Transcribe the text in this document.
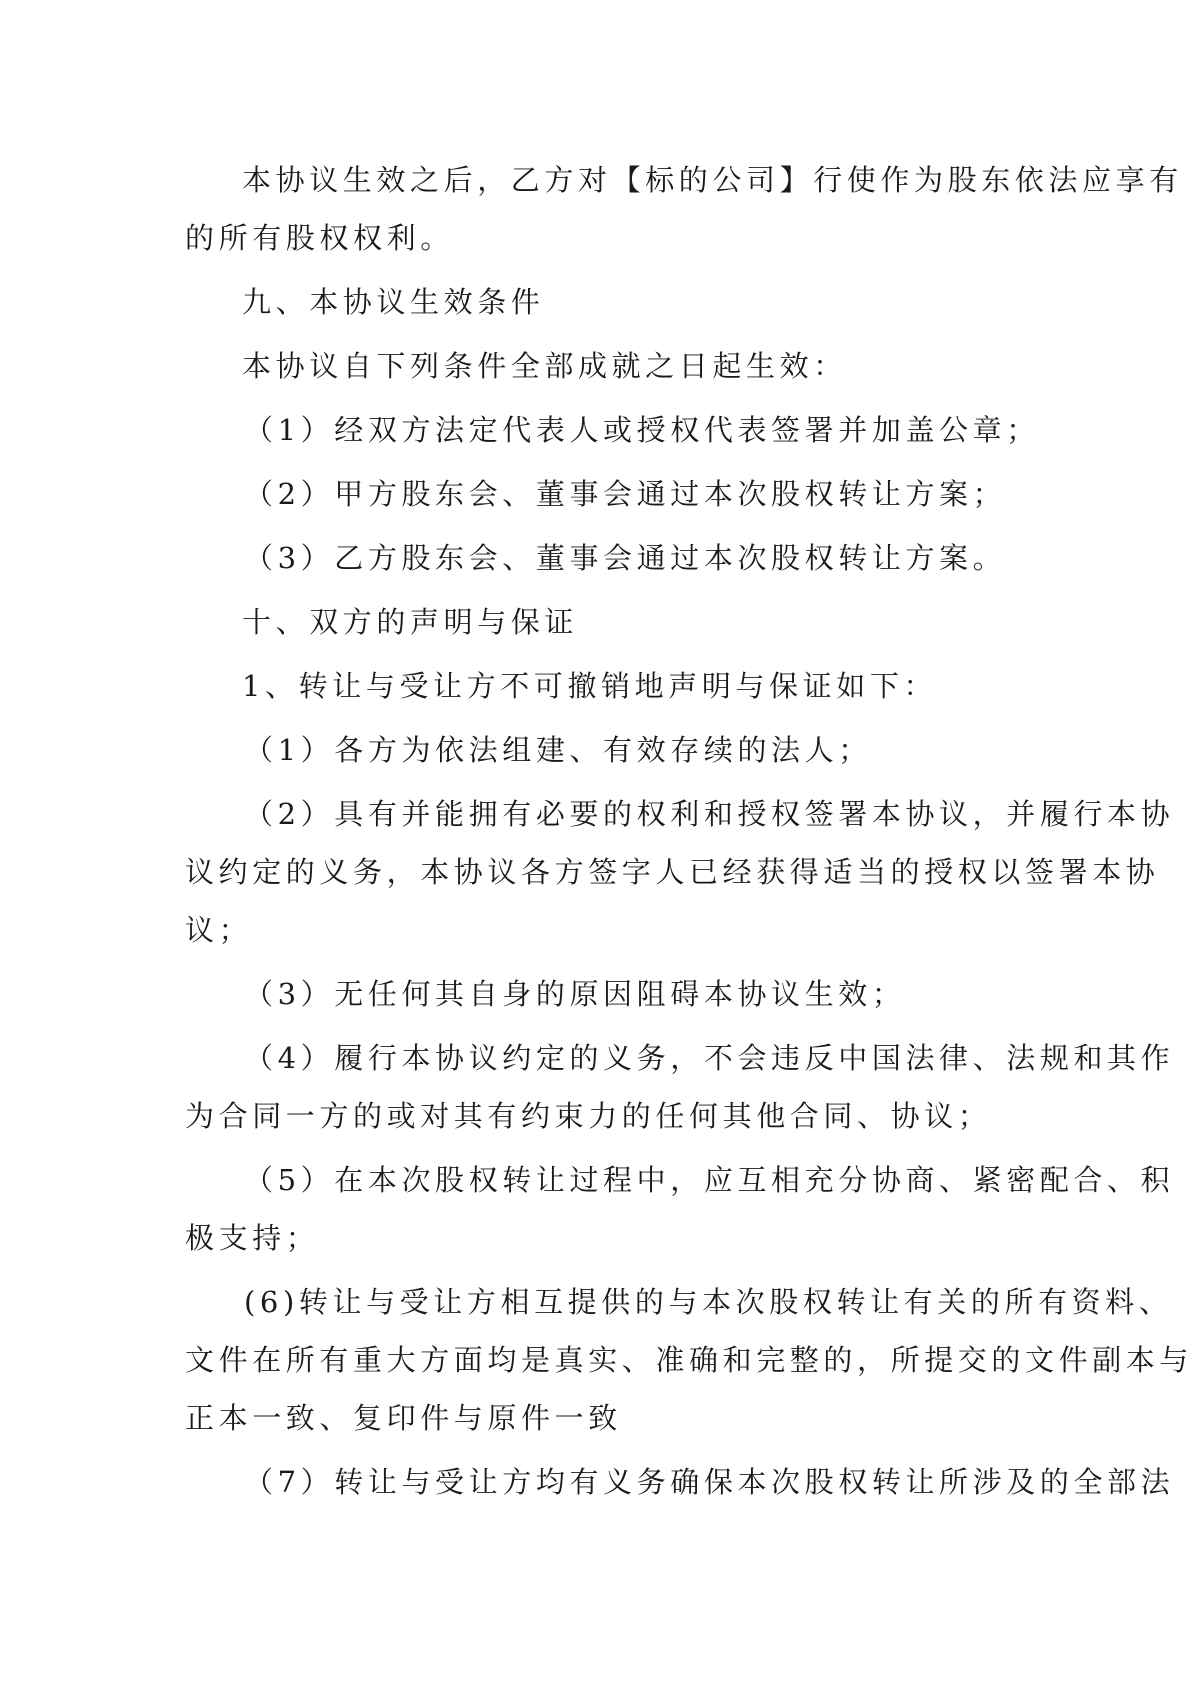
本协议生效之后，乙方对【标的公司】行使作为股东依法应享有
的所有股权权利。
九、本协议生效条件
本协议自下列条件全部成就之日起生效：
（1）经双方法定代表人或授权代表签署并加盖公章；
（2）甲方股东会、董事会通过本次股权转让方案；
（3）乙方股东会、董事会通过本次股权转让方案。
十、双方的声明与保证
1、转让与受让方不可撤销地声明与保证如下：
（1）各方为依法组建、有效存续的法人；
（2）具有并能拥有必要的权利和授权签署本协议，并履行本协
议约定的义务，本协议各方签字人已经获得适当的授权以签署本协
议；
（3）无任何其自身的原因阻碍本协议生效；
（4）履行本协议约定的义务，不会违反中国法律、法规和其作
为合同一方的或对其有约束力的任何其他合同、协议；
（5）在本次股权转让过程中，应互相充分协商、紧密配合、积
极支持；
(6)转让与受让方相互提供的与本次股权转让有关的所有资料、
文件在所有重大方面均是真实、准确和完整的，所提交的文件副本与
正本一致、复印件与原件一致
（7）转让与受让方均有义务确保本次股权转让所涉及的全部法
